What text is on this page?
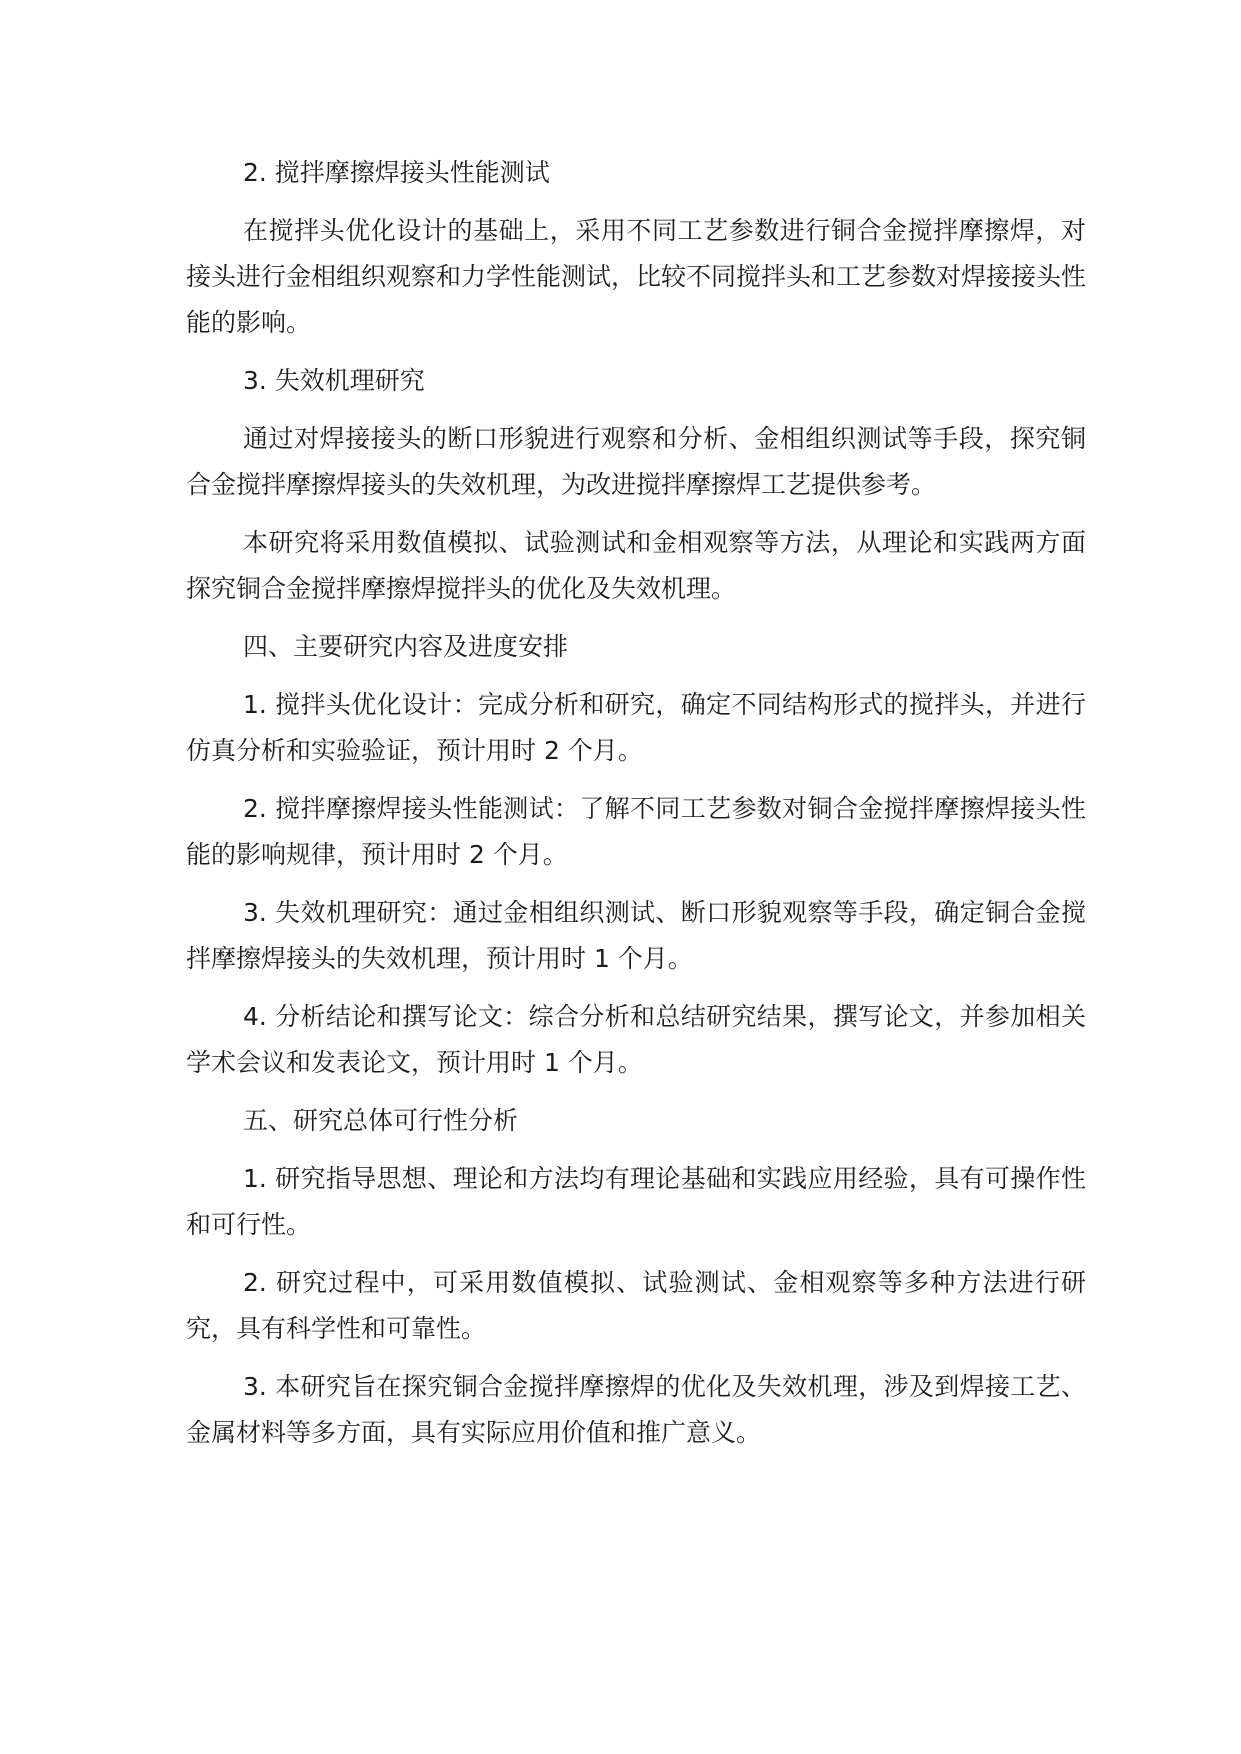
2. 搅拌摩擦焊接头性能测试

在搅拌头优化设计的基础上，采用不同工艺参数进行铜合金搅拌摩擦焊，对接头进行金相组织观察和力学性能测试，比较不同搅拌头和工艺参数对焊接接头性能的影响。

3. 失效机理研究

通过对焊接接头的断口形貌进行观察和分析、金相组织测试等手段，探究铜合金搅拌摩擦焊接头的失效机理，为改进搅拌摩擦焊工艺提供参考。

本研究将采用数值模拟、试验测试和金相观察等方法，从理论和实践两方面探究铜合金搅拌摩擦焊搅拌头的优化及失效机理。

四、主要研究内容及进度安排

1. 搅拌头优化设计：完成分析和研究，确定不同结构形式的搅拌头，并进行仿真分析和实验验证，预计用时 2 个月。

2. 搅拌摩擦焊接头性能测试：了解不同工艺参数对铜合金搅拌摩擦焊接头性能的影响规律，预计用时 2 个月。

3. 失效机理研究：通过金相组织测试、断口形貌观察等手段，确定铜合金搅拌摩擦焊接头的失效机理，预计用时 1 个月。

4. 分析结论和撰写论文：综合分析和总结研究结果，撰写论文，并参加相关学术会议和发表论文，预计用时 1 个月。

五、研究总体可行性分析

1. 研究指导思想、理论和方法均有理论基础和实践应用经验，具有可操作性和可行性。

2. 研究过程中，可采用数值模拟、试验测试、金相观察等多种方法进行研究，具有科学性和可靠性。

3. 本研究旨在探究铜合金搅拌摩擦焊的优化及失效机理，涉及到焊接工艺、金属材料等多方面，具有实际应用价值和推广意义。
